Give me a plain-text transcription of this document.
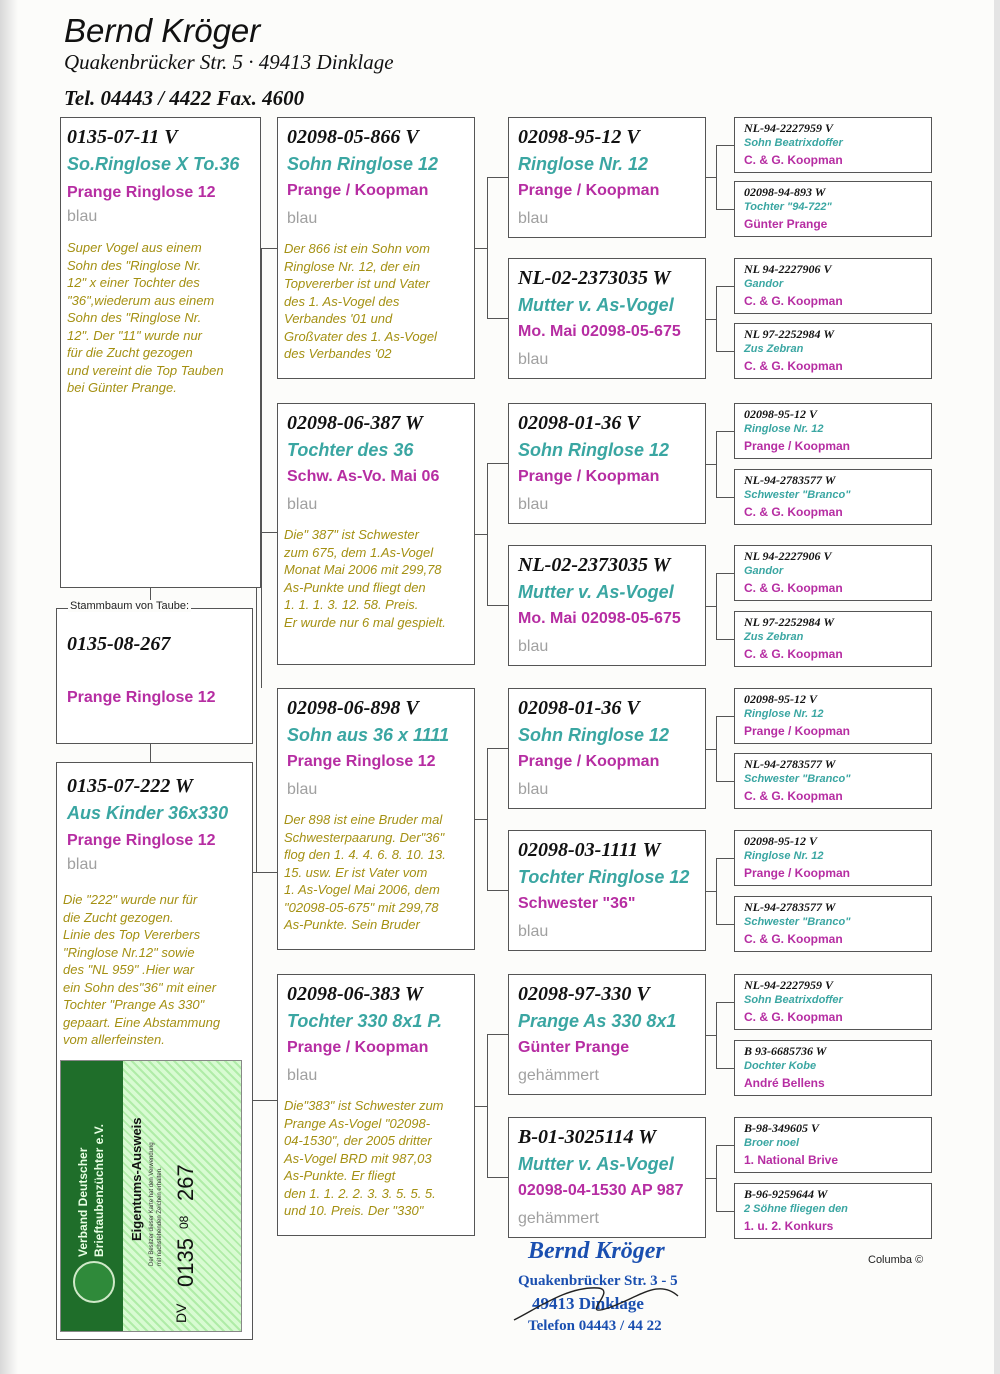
Bernd Kröger
Quakenbrücker Str. 5 · 49413 Dinklage
Tel. 04443 / 4422 Fax. 4600
0135-07-11 V
So.Ringlose X To.36
Prange Ringlose 12
blau
Super Vogel aus einem
Sohn des "Ringlose Nr.
12" x einer Tochter des
"36",wiederum aus einem
Sohn des "Ringlose Nr.
12". Der "11" wurde nur
für die Zucht gezogen
und vereint die Top Tauben
bei Günter Prange.
0135-08-267
Prange Ringlose 12
Stammbaum von Taube:
0135-07-222 W
Aus Kinder 36x330
Prange Ringlose 12
blau
Die "222" wurde nur für
die Zucht gezogen.
Linie des Top Vererbers
"Ringlose Nr.12" sowie
des "NL 959" .Hier war
ein Sohn des"36" mit einer
Tochter "Prange As 330"
gepaart. Eine Abstammung
vom allerfeinsten.
Verband Deutscher Brieftaubenzüchter e.V. Eigentums-Ausweis Der Besitzer dieser Karte hat den Verwendung mit nachstehenden Zeichen erhalten.
DV
0135
08
267
02098-05-866 V
Sohn Ringlose 12
Prange / Koopman
blau
Der 866 ist ein Sohn vom
Ringlose Nr. 12, der ein
Topvererber ist und Vater
des 1. As-Vogel des
Verbandes '01 und
Großvater des 1. As-Vogel
des Verbandes '02
02098-06-387 W
Tochter des 36
Schw. As-Vo. Mai 06
blau
Die" 387" ist Schwester
zum 675, dem 1.As-Vogel
Monat Mai 2006 mit 299,78
As-Punkte und fliegt den
1. 1. 1. 3. 12. 58. Preis.
Er wurde nur 6 mal gespielt.
02098-06-898 V
Sohn aus 36 x 1111
Prange Ringlose 12
blau
Der 898 ist eine Bruder mal
Schwesterpaarung. Der"36"
flog den 1. 4. 4. 6. 8. 10. 13.
15. usw. Er ist Vater vom
1. As-Vogel Mai 2006, dem
"02098-05-675" mit 299,78
As-Punkte. Sein Bruder
02098-06-383 W
Tochter 330 8x1 P.
Prange / Koopman
blau
Die"383" ist Schwester zum
Prange As-Vogel "02098-
04-1530", der 2005 dritter
As-Vogel BRD mit 987,03
As-Punkte. Er fliegt
den 1. 1. 2. 2. 3. 3. 5. 5. 5.
und 10. Preis. Der "330"
02098-95-12 V
Ringlose Nr. 12
Prange / Koopman
blau
NL-02-2373035 W
Mutter v. As-Vogel
Mo. Mai 02098-05-675
blau
02098-01-36 V
Sohn Ringlose 12
Prange / Koopman
blau
NL-02-2373035 W
Mutter v. As-Vogel
Mo. Mai 02098-05-675
blau
02098-01-36 V
Sohn Ringlose 12
Prange / Koopman
blau
02098-03-1111 W
Tochter Ringlose 12
Schwester "36"
blau
02098-97-330 V
Prange As 330 8x1
Günter Prange
gehämmert
B-01-3025114 W
Mutter v. As-Vogel
02098-04-1530 AP 987
gehämmert
NL-94-2227959 V
Sohn Beatrixdoffer
C. & G. Koopman
02098-94-893 W
Tochter "94-722"
Günter Prange
NL 94-2227906 V
Gandor
C. & G. Koopman
NL 97-2252984 W
Zus Zebran
C. & G. Koopman
02098-95-12 V
Ringlose Nr. 12
Prange / Koopman
NL-94-2783577 W
Schwester "Branco"
C. & G. Koopman
NL 94-2227906 V
Gandor
C. & G. Koopman
NL 97-2252984 W
Zus Zebran
C. & G. Koopman
02098-95-12 V
Ringlose Nr. 12
Prange / Koopman
NL-94-2783577 W
Schwester "Branco"
C. & G. Koopman
02098-95-12 V
Ringlose Nr. 12
Prange / Koopman
NL-94-2783577 W
Schwester "Branco"
C. & G. Koopman
NL-94-2227959 V
Sohn Beatrixdoffer
C. & G. Koopman
B 93-6685736 W
Dochter Kobe
André Bellens
B-98-349605 V
Broer noel
1. National Brive
B-96-9259644 W
2 Söhne fliegen den
1. u. 2. Konkurs
Bernd Kröger
Quakenbrücker Str. 3 - 5
49413 Dinklage
Telefon 04443 / 44 22
Columba ©
